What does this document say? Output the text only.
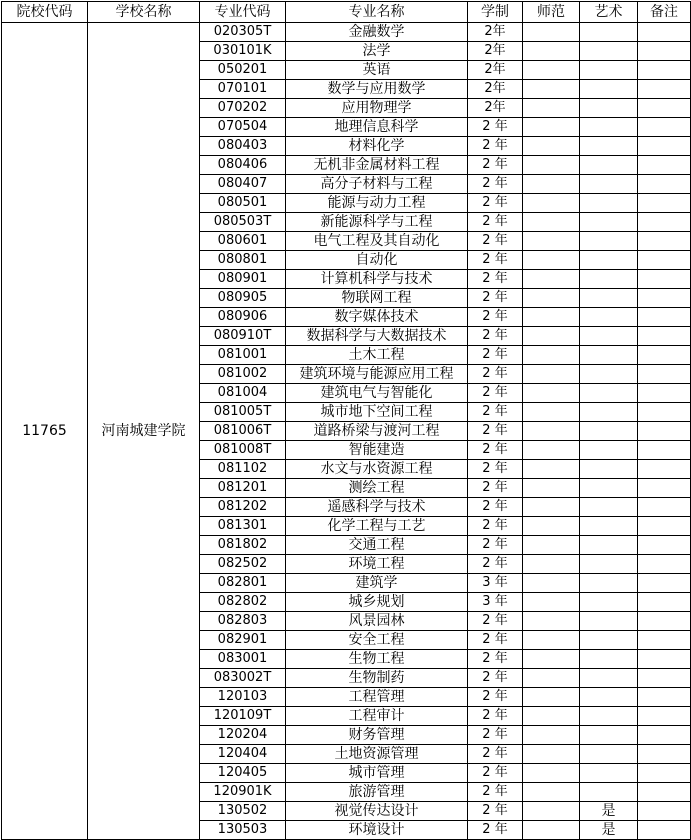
院校代码	学校名称	专业代码	专业名称	学制	师范	艺术	备注
11765	河南城建学院	020305T	金融数学	2年			
		030101K	法学	2年			
		050201	英语	2年			
		070101	数学与应用数学	2年			
		070202	应用物理学	2年			
		070504	地理信息科学	2 年			
		080403	材料化学	2 年			
		080406	无机非金属材料工程	2 年			
		080407	高分子材料与工程	2 年			
		080501	能源与动力工程	2 年			
		080503T	新能源科学与工程	2 年			
		080601	电气工程及其自动化	2 年			
		080801	自动化	2 年			
		080901	计算机科学与技术	2 年			
		080905	物联网工程	2 年			
		080906	数字媒体技术	2 年			
		080910T	数据科学与大数据技术	2 年			
		081001	土木工程	2 年			
		081002	建筑环境与能源应用工程	2 年			
		081004	建筑电气与智能化	2 年			
		081005T	城市地下空间工程	2 年			
		081006T	道路桥梁与渡河工程	2 年			
		081008T	智能建造	2 年			
		081102	水文与水资源工程	2 年			
		081201	测绘工程	2 年			
		081202	遥感科学与技术	2 年			
		081301	化学工程与工艺	2 年			
		081802	交通工程	2 年			
		082502	环境工程	2 年			
		082801	建筑学	3 年			
		082802	城乡规划	3 年			
		082803	风景园林	2 年			
		082901	安全工程	2 年			
		083001	生物工程	2 年			
		083002T	生物制药	2 年			
		120103	工程管理	2 年			
		120109T	工程审计	2 年			
		120204	财务管理	2 年			
		120404	土地资源管理	2 年			
		120405	城市管理	2 年			
		120901K	旅游管理	2 年			
		130502	视觉传达设计	2 年		是	
		130503	环境设计	2 年		是	
